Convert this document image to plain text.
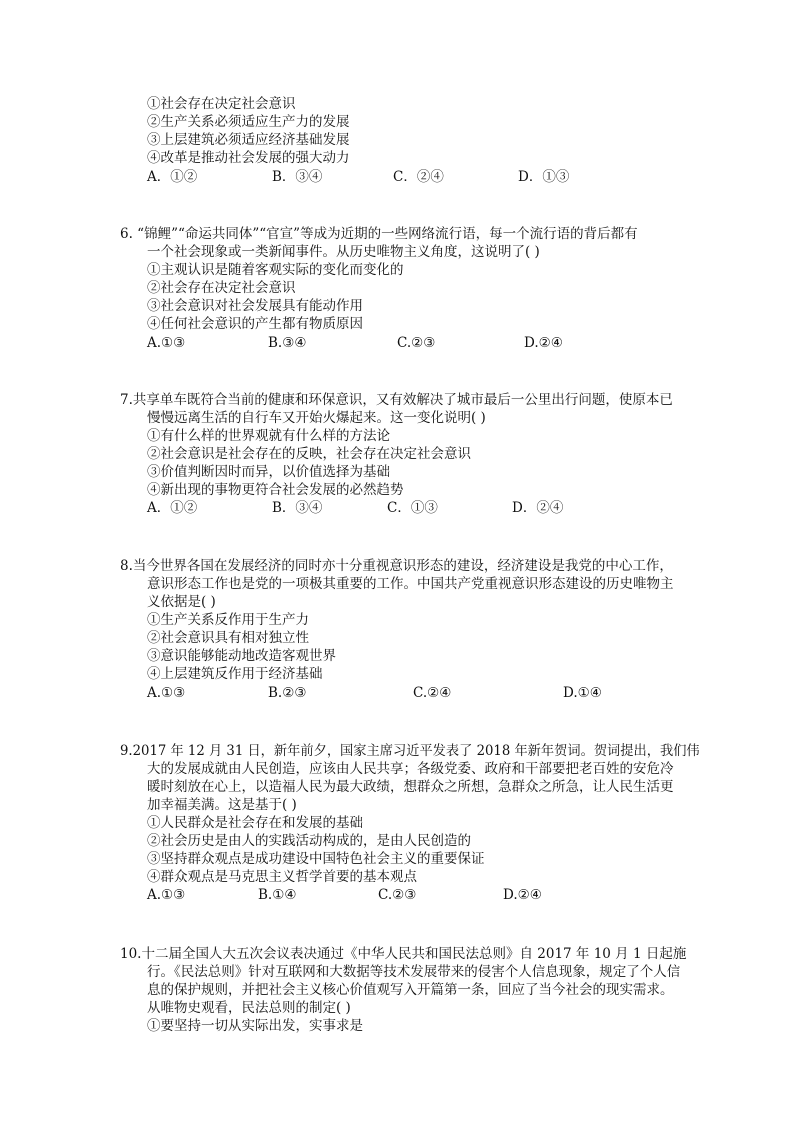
①社会存在决定社会意识
②生产关系必须适应生产力的发展
③上层建筑必须适应经济基础发展
④改革是推动社会发展的强大动力
A．①②	B．③④	C．②④	D．①③
6. “锦鲤”“命运共同体”“官宣”等成为近期的一些网络流行语，每一个流行语的背后都有
一个社会现象或一类新闻事件。从历史唯物主义角度，这说明了( )
①主观认识是随着客观实际的变化而变化的
②社会存在决定社会意识
③社会意识对社会发展具有能动作用
④任何社会意识的产生都有物质原因
A.①③	B.③④	C.②③	D.②④
7.共享单车既符合当前的健康和环保意识，又有效解决了城市最后一公里出行问题，使原本已
慢慢远离生活的自行车又开始火爆起来。这一变化说明( )
①有什么样的世界观就有什么样的方法论
②社会意识是社会存在的反映，社会存在决定社会意识
③价值判断因时而异，以价值选择为基础
④新出现的事物更符合社会发展的必然趋势
A．①②	B．③④	C．①③	D．②④
8.当今世界各国在发展经济的同时亦十分重视意识形态的建设，经济建设是我党的中心工作，
意识形态工作也是党的一项极其重要的工作。中国共产党重视意识形态建设的历史唯物主
义依据是( )
①生产关系反作用于生产力
②社会意识具有相对独立性
③意识能够能动地改造客观世界
④上层建筑反作用于经济基础
A.①③	B.②③	C.②④	D.①④
9.2017 年 12 月 31 日，新年前夕，国家主席习近平发表了 2018 年新年贺词。贺词提出，我们伟
大的发展成就由人民创造，应该由人民共享；各级党委、政府和干部要把老百姓的安危冷
暖时刻放在心上，以造福人民为最大政绩，想群众之所想，急群众之所急，让人民生活更
加幸福美满。这是基于( )
①人民群众是社会存在和发展的基础
②社会历史是由人的实践活动构成的，是由人民创造的
③坚持群众观点是成功建设中国特色社会主义的重要保证
④群众观点是马克思主义哲学首要的基本观点
A.①③	B.①④	C.②③	D.②④
10.十二届全国人大五次会议表决通过《中华人民共和国民法总则》自 2017 年 10 月 1 日起施
行。《民法总则》针对互联网和大数据等技术发展带来的侵害个人信息现象，规定了个人信
息的保护规则，并把社会主义核心价值观写入开篇第一条，回应了当今社会的现实需求。
从唯物史观看，民法总则的制定( )
①要坚持一切从实际出发，实事求是
